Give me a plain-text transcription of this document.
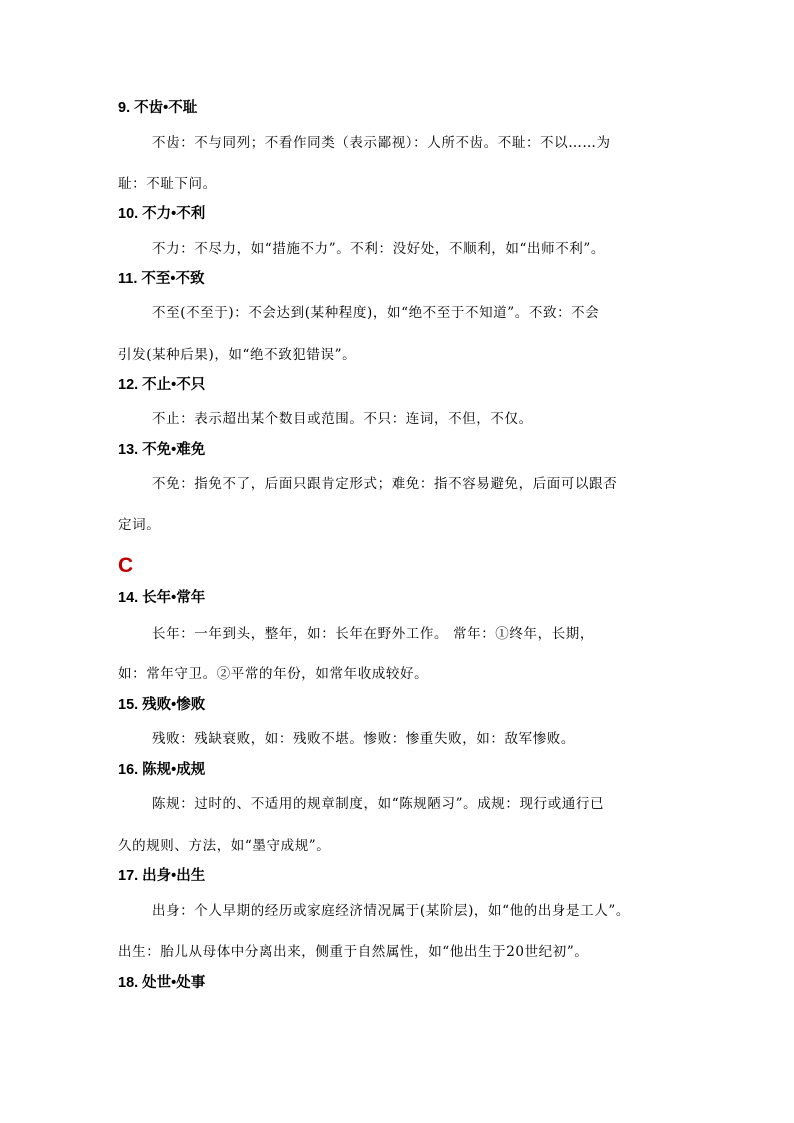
9. 不齿•不耻
不齿：不与同列；不看作同类（表示鄙视）：人所不齿。不耻：不以……为
耻：不耻下问。
10. 不力•不利
不力：不尽力，如“措施不力”。不利：没好处，不顺利，如“出师不利”。
11. 不至•不致
不至(不至于)：不会达到(某种程度)，如“绝不至于不知道”。不致：不会
引发(某种后果)，如“绝不致犯错误”。
12. 不止•不只
不止：表示超出某个数目或范围。不只：连词，不但，不仅。
13. 不免•难免
不免：指免不了，后面只跟肯定形式；难免：指不容易避免，后面可以跟否
定词。
C
14. 长年•常年
长年：一年到头，整年，如：长年在野外工作。 常年：①终年，长期，
如：常年守卫。②平常的年份，如常年收成较好。
15. 残败•惨败
残败：残缺衰败，如：残败不堪。惨败：惨重失败，如：敌军惨败。
16. 陈规•成规
陈规：过时的、不适用的规章制度，如“陈规陋习”。成规：现行或通行已
久的规则、方法，如“墨守成规”。
17. 出身•出生
出身：个人早期的经历或家庭经济情况属于(某阶层)，如“他的出身是工人”。
出生：胎儿从母体中分离出来，侧重于自然属性，如“他出生于20世纪初”。
18. 处世•处事
